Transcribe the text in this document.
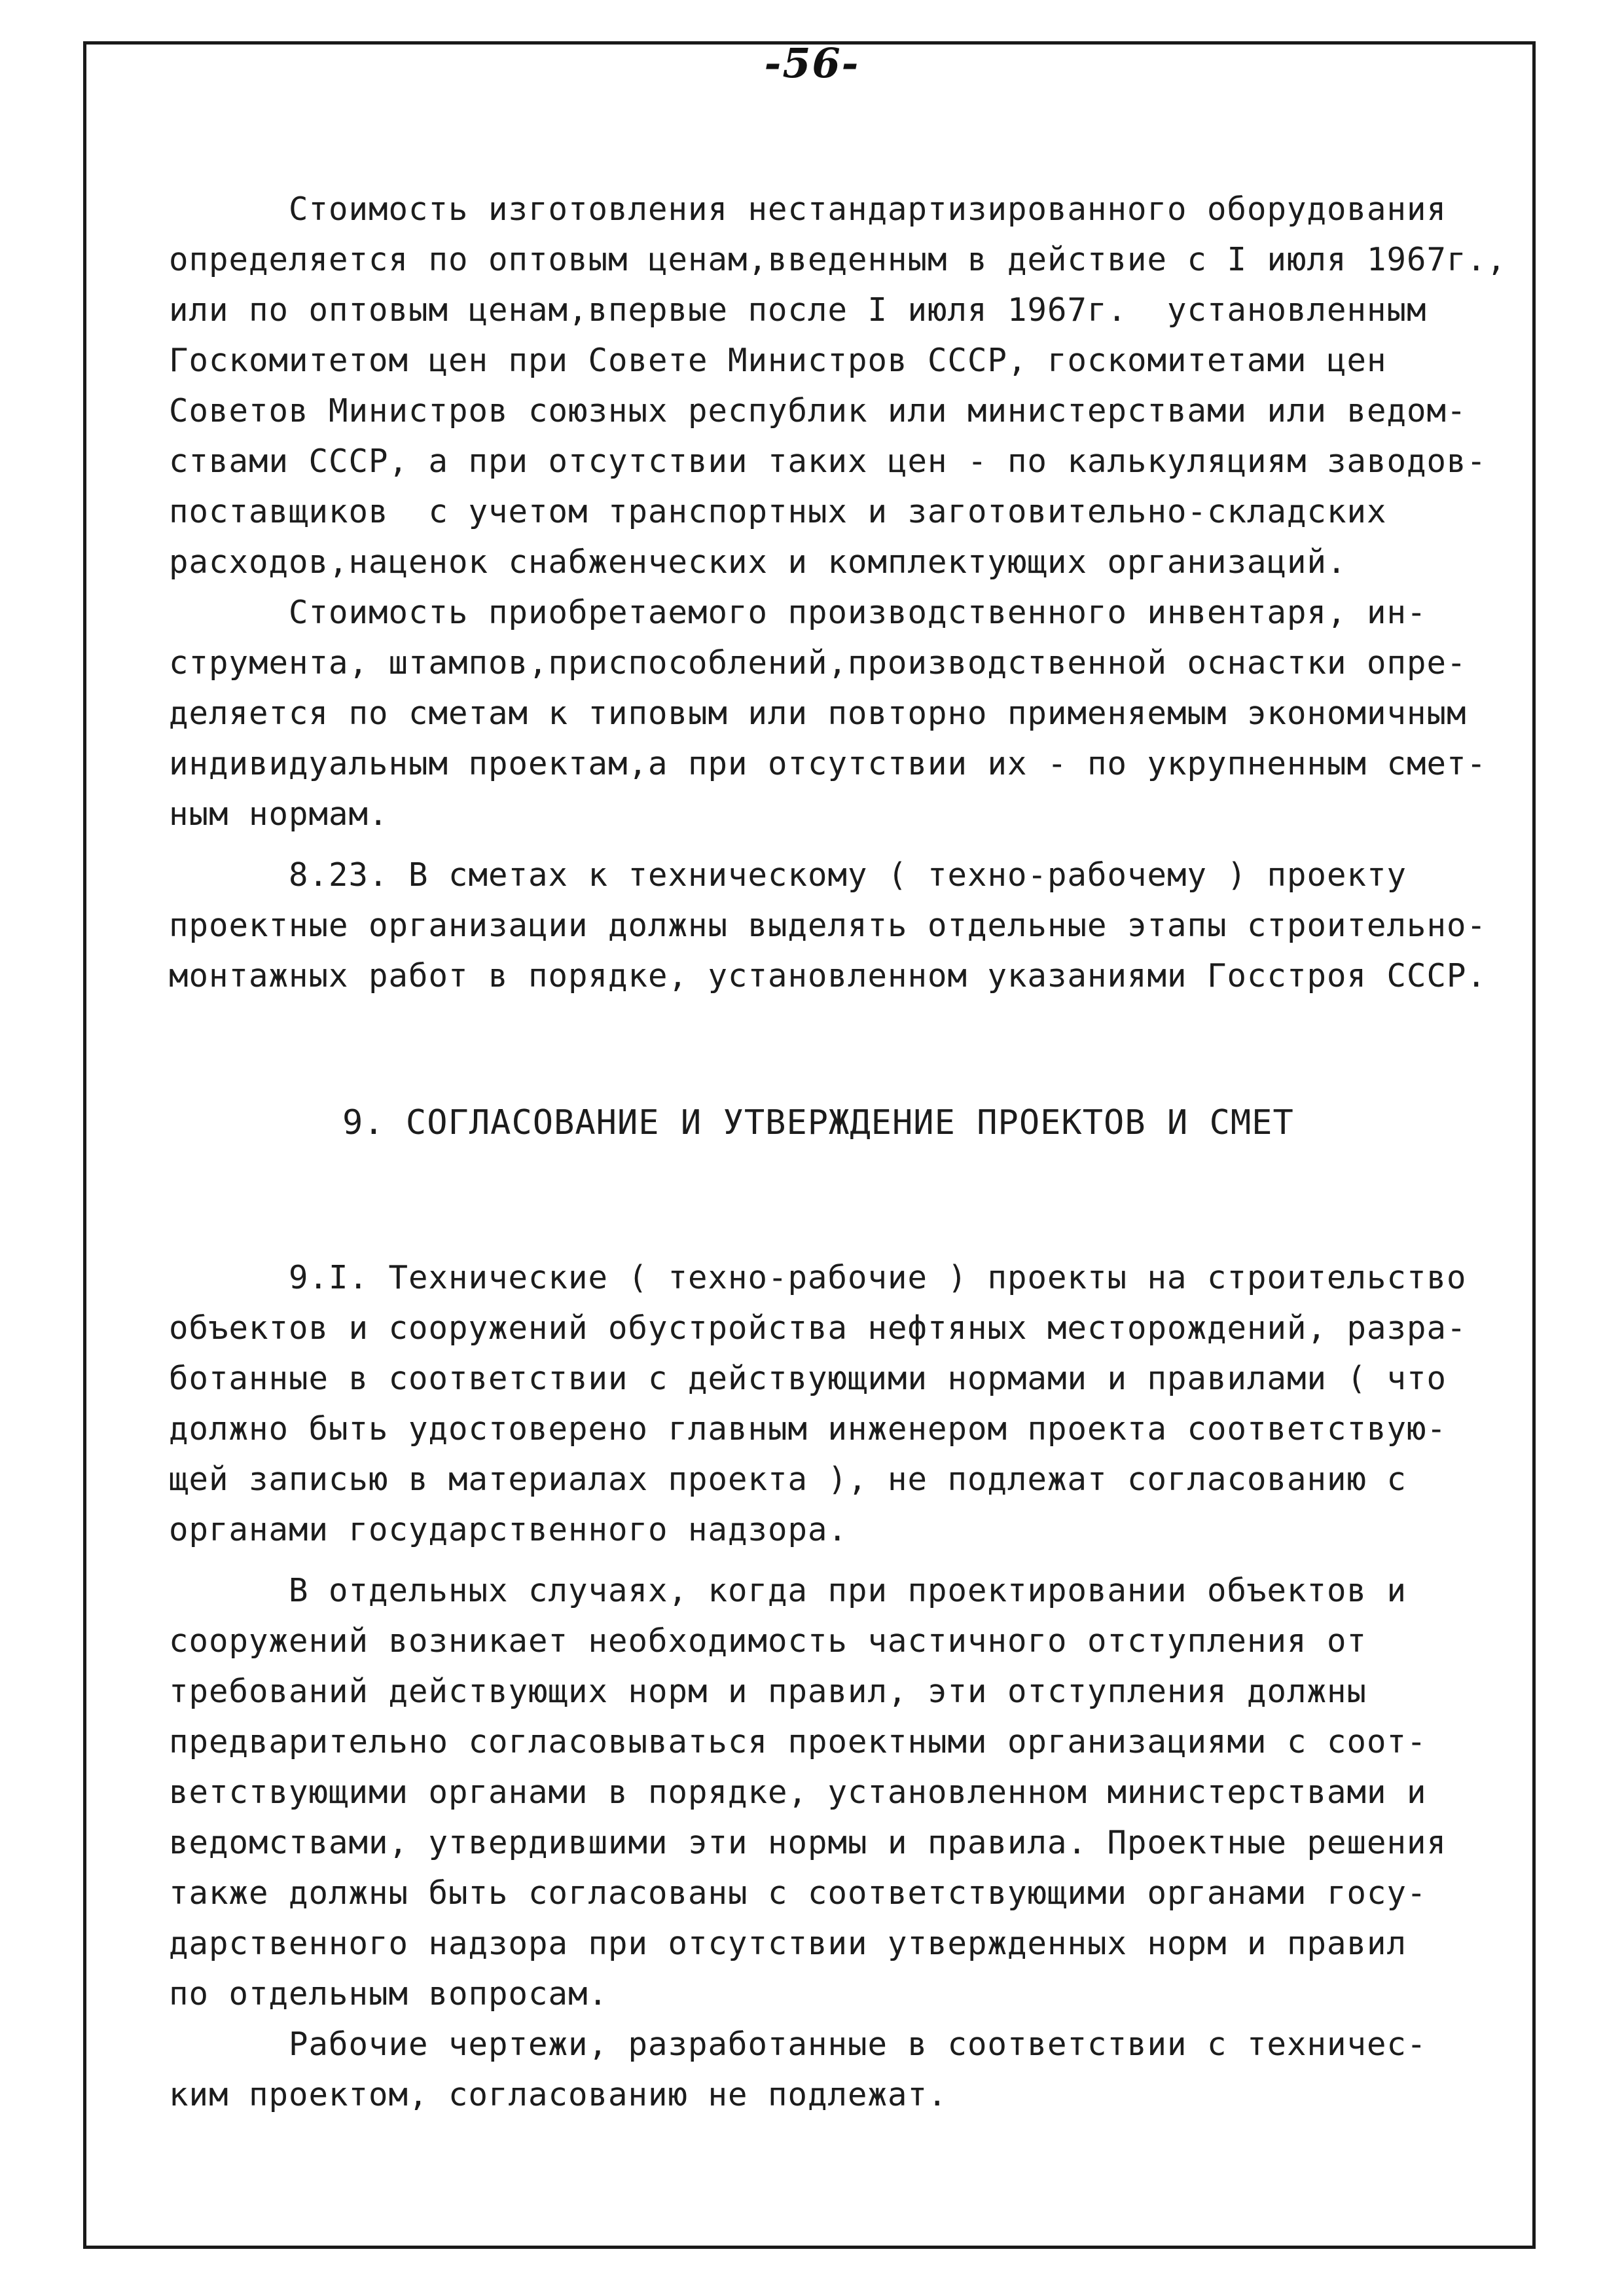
-56-
Стоимость изготовления нестандартизированного оборудования
определяется по оптовым ценам,введенным в действие с I июля 1967г.,
или по оптовым ценам,впервые после I июля 1967г.  установленным
Госкомитетом цен при Совете Министров СССР, госкомитетами цен
Советов Министров союзных республик или министерствами или ведом-
ствами СССР, а при отсутствии таких цен - по калькуляциям заводов-
поставщиков  с учетом транспортных и заготовительно-складских
расходов,наценок снабженческих и комплектующих организаций.
Стоимость приобретаемого производственного инвентаря, ин-
струмента, штампов,приспособлений,производственной оснастки опре-
деляется по сметам к типовым или повторно применяемым экономичным
индивидуальным проектам,а при отсутствии их - по укрупненным смет-
ным нормам.
8.23. В сметах к техническому ( техно-рабочему ) проекту
проектные организации должны выделять отдельные этапы строительно-
монтажных работ в порядке, установленном указаниями Госстроя СССР.
9. СОГЛАСОВАНИЕ И УТВЕРЖДЕНИЕ ПРОЕКТОВ И СМЕТ
9.I. Технические ( техно-рабочие ) проекты на строительство
объектов и сооружений обустройства нефтяных месторождений, разра-
ботанные в соответствии с действующими нормами и правилами ( что
должно быть удостоверено главным инженером проекта соответствую-
щей записью в материалах проекта ), не подлежат согласованию с
органами государственного надзора.
В отдельных случаях, когда при проектировании объектов и
сооружений возникает необходимость частичного отступления от
требований действующих норм и правил, эти отступления должны
предварительно согласовываться проектными организациями с соот-
ветствующими органами в порядке, установленном министерствами и
ведомствами, утвердившими эти нормы и правила. Проектные решения
также должны быть согласованы с соответствующими органами госу-
дарственного надзора при отсутствии утвержденных норм и правил
по отдельным вопросам.
Рабочие чертежи, разработанные в соответствии с техничес-
ким проектом, согласованию не подлежат.
